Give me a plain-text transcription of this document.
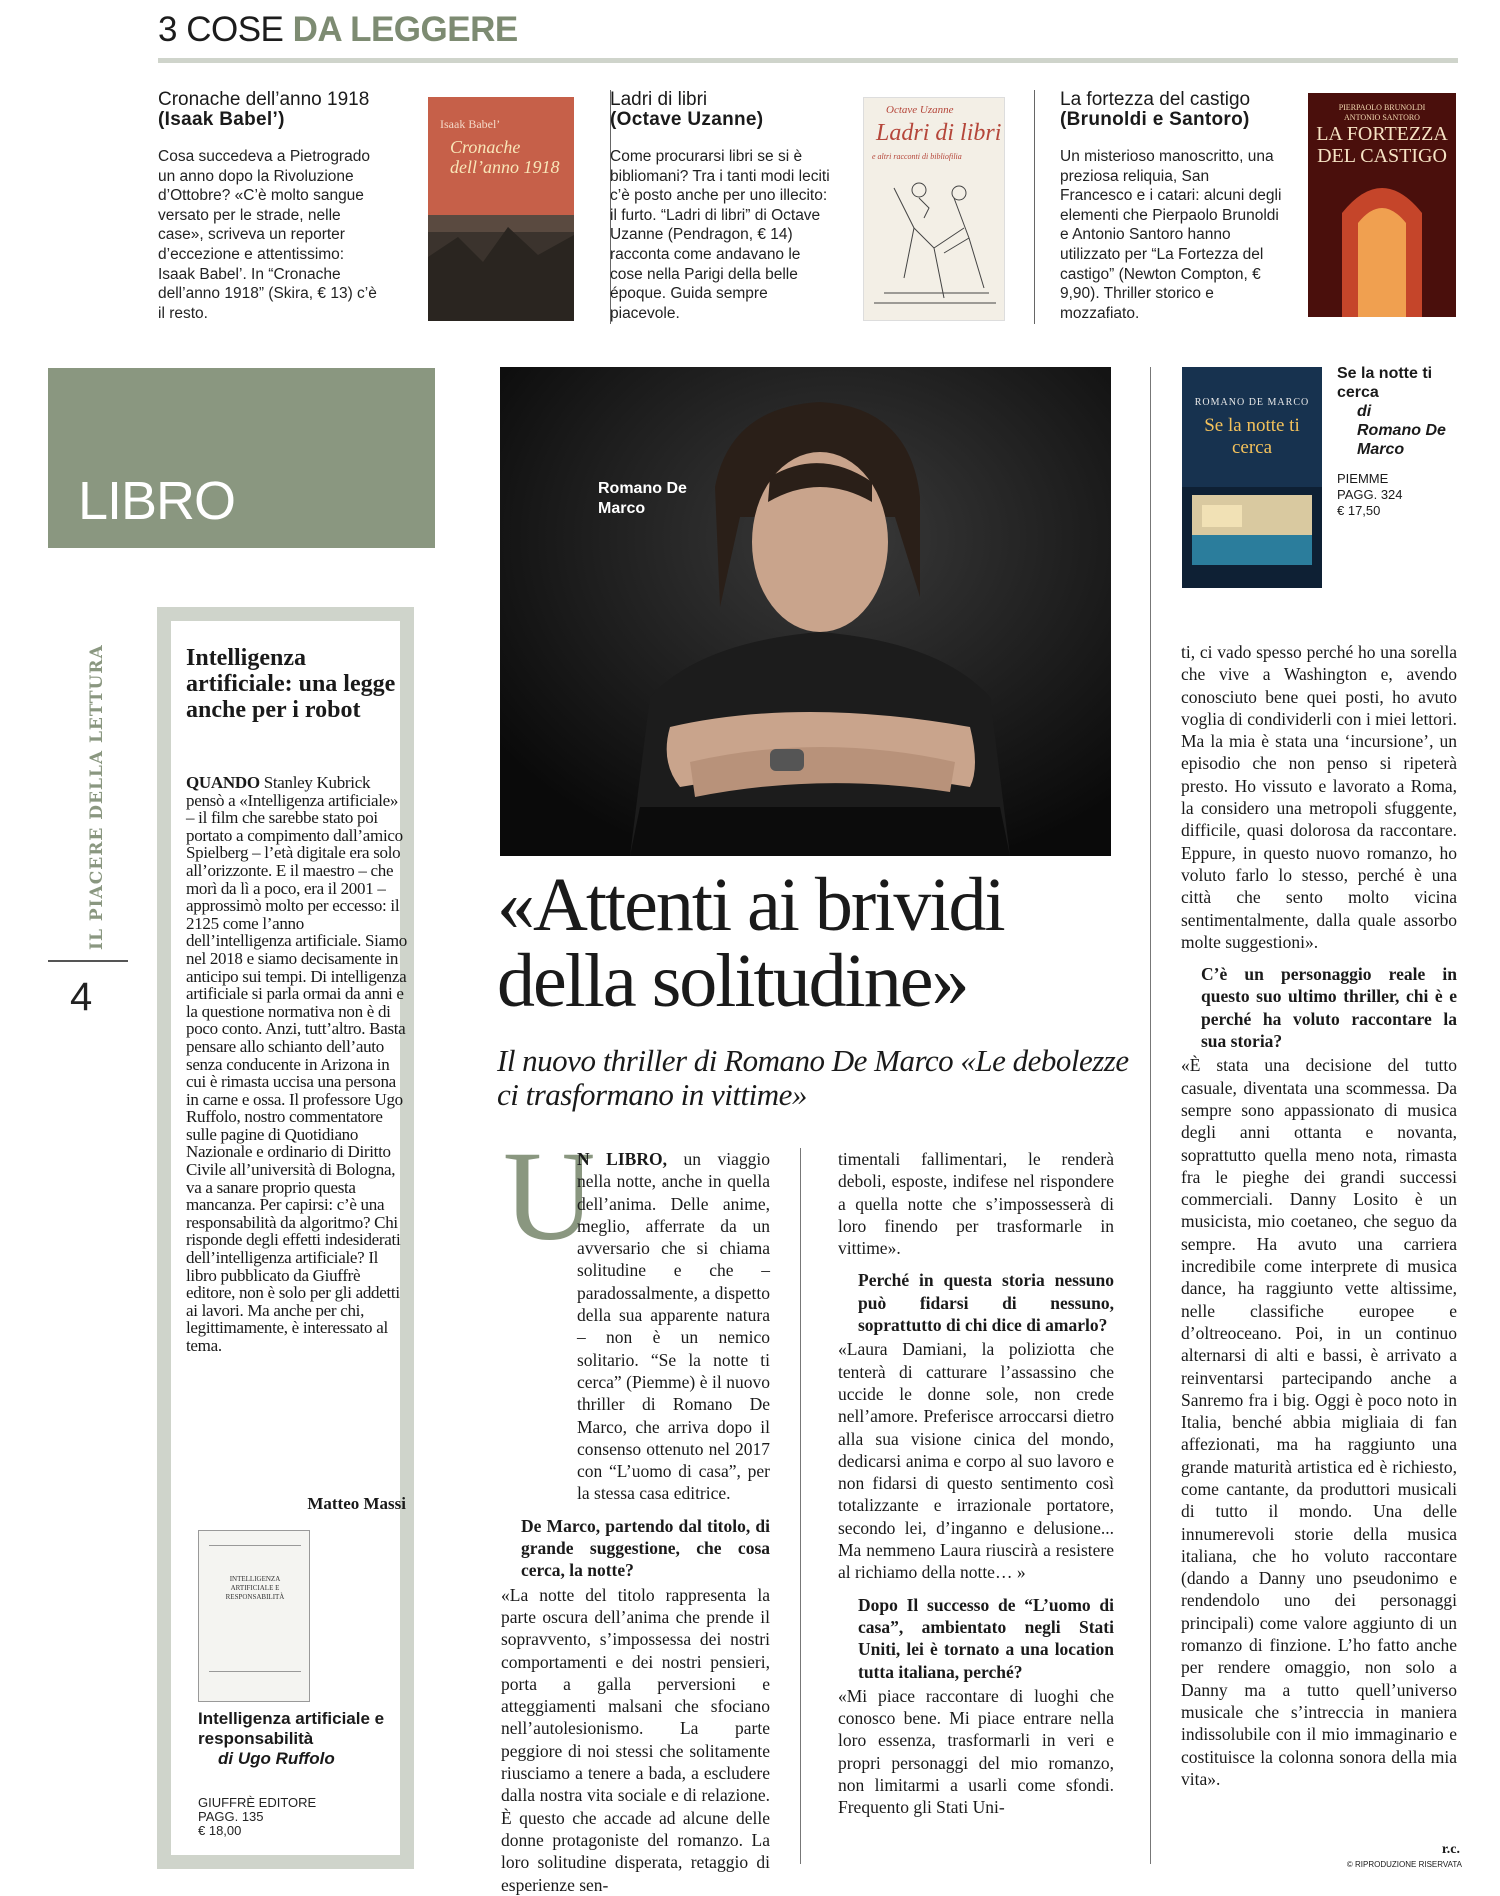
3 COSE DA LEGGERE
Cronache dell’anno 1918
(Isaak Babel’)
Cosa succedeva a Pietrogrado un anno dopo la Rivoluzione d’Ottobre? «C’è molto sangue versato per le strade, nelle case», scriveva un reporter d’eccezione e attentissimo: Isaak Babel’. In “Cronache dell’anno 1918” (Skira, € 13) c’è il resto.
Isaak Babel’
Cronache dell’anno 1918
Ladri di libri
(Octave Uzanne)
Come procurarsi libri se si è bibliomani? Tra i tanti modi leciti c’è posto anche per uno illecito: il furto. “Ladri di libri” di Octave Uzanne (Pendragon, € 14) racconta come andavano le cose nella Parigi della belle époque. Guida sempre piacevole.
Octave Uzanne
Ladri di libri
e altri racconti di bibliofilia
La fortezza del castigo
(Brunoldi e Santoro)
Un misterioso manoscritto, una preziosa reliquia, San Francesco e i catari: alcuni degli elementi che Pierpaolo Brunoldi e Antonio Santoro hanno utilizzato per “La Fortezza del castigo” (Newton Compton, € 9,90). Thriller storico e mozzafiato.
PIERPAOLO BRUNOLDI
ANTONIO SANTORO
LA FORTEZZA DEL CASTIGO
LIBRO
IL PIACERE DELLA LETTURA
4
Intelligenza artificiale: una legge anche per i robot
QUANDO Stanley Kubrick pensò a «Intelligenza artificiale» – il film che sarebbe stato poi portato a compimento dall’amico Spielberg – l’età digitale era solo all’orizzonte. E il maestro – che morì da lì a poco, era il 2001 – approssimò molto per eccesso: il 2125 come l’anno dell’intelligenza artificiale. Siamo nel 2018 e siamo decisamente in anticipo sui tempi. Di intelligenza artificiale si parla ormai da anni e la questione normativa non è di poco conto. Anzi, tutt’altro. Basta pensare allo schianto dell’auto senza conducente in Arizona in cui è rimasta uccisa una persona in carne e ossa. Il professore Ugo Ruffolo, nostro commentatore sulle pagine di Quotidiano Nazionale e ordinario di Diritto Civile all’università di Bologna, va a sanare proprio questa mancanza. Per capirsi: c’è una responsabilità da algoritmo? Chi risponde degli effetti indesiderati dell’intelligenza artificiale? Il libro pubblicato da Giuffrè editore, non è solo per gli addetti ai lavori. Ma anche per chi, legittimamente, è interessato al tema.
Matteo Massi
INTELLIGENZA ARTIFICIALE E RESPONSABILITÀ
Intelligenza artificiale e responsabilità
di Ugo Ruffolo
GIUFFRÈ EDITORE
PAGG. 135
€ 18,00
Romano De Marco
«Attenti ai brividi della solitudine»
Il nuovo thriller di Romano De Marco «Le debolezze ci trasformano in vittime»
U
N LIBRO, un viaggio nella notte, anche in quella dell’anima. Delle anime, meglio, afferrate da un avversario che si chiama solitudine e che – paradossalmente, a dispetto della sua apparente natura – non è un nemico solitario. “Se la notte ti cerca” (Piemme) è il nuovo thriller di Romano De Marco, che arriva dopo il consenso ottenuto nel 2017 con “L’uomo di casa”, per la stessa casa editrice.
De Marco, partendo dal titolo, di grande suggestione, che cosa cerca, la notte?
«La notte del titolo rappresenta la parte oscura dell’anima che prende il sopravvento, s’impossessa dei nostri comportamenti e dei nostri pensieri, porta a galla perversioni e atteggiamenti malsani che sfociano nell’autolesionismo. La parte peggiore di noi stessi che solitamente riusciamo a tenere a bada, a escludere dalla nostra vita sociale e di relazione. È questo che accade ad alcune delle donne protagoniste del romanzo. La loro solitudine disperata, retaggio di esperienze sen-
timentali fallimentari, le renderà deboli, esposte, indifese nel rispondere a quella notte che s’impossesserà di loro finendo per trasformarle in vittime».
Perché in questa storia nessuno può fidarsi di nessuno, soprattutto di chi dice di amarlo?
«Laura Damiani, la poliziotta che tenterà di catturare l’assassino che uccide le donne sole, non crede nell’amore. Preferisce arroccarsi dietro alla sua visione cinica del mondo, dedicarsi anima e corpo al suo lavoro e non fidarsi di questo sentimento così totalizzante e irrazionale portatore, secondo lei, d’inganno e delusione... Ma nemmeno Laura riuscirà a resistere al richiamo della notte… »
Dopo Il successo de “L’uomo di casa”, ambientato negli Stati Uniti, lei è tornato a una location tutta italiana, perché?
«Mi piace raccontare di luoghi che conosco bene. Mi piace entrare nella loro essenza, trasformarli in veri e propri personaggi del mio romanzo, non limitarmi a usarli come sfondi. Frequento gli Stati Uni-
ti, ci vado spesso perché ho una sorella che vive a Washington e, avendo conosciuto bene quei posti, ho avuto voglia di condividerli con i miei lettori. Ma la mia è stata una ‘incursione’, un episodio che non penso si ripeterà presto. Ho vissuto e lavorato a Roma, la considero una metropoli sfuggente, difficile, quasi dolorosa da raccontare. Eppure, in questo nuovo romanzo, ho voluto farlo lo stesso, perché è una città che sento molto vicina sentimentalmente, dalla quale assorbo molte suggestioni».
C’è un personaggio reale in questo suo ultimo thriller, chi è e perché ha voluto raccontare la sua storia?
«È stata una decisione del tutto casuale, diventata una scommessa. Da sempre sono appassionato di musica degli anni ottanta e novanta, soprattutto quella meno nota, rimasta fra le pieghe dei grandi successi commerciali. Danny Losito è un musicista, mio coetaneo, che seguo da sempre. Ha avuto una carriera incredibile come interprete di musica dance, ha raggiunto vette altissime, nelle classifiche europee e d’oltreoceano. Poi, in un continuo alternarsi di alti e bassi, è arrivato a reinventarsi partecipando anche a Sanremo fra i big. Oggi è poco noto in Italia, benché abbia migliaia di fan affezionati, ma ha raggiunto una grande maturità artistica ed è richiesto, come cantante, da produttori musicali di tutto il mondo. Una delle innumerevoli storie della musica italiana, che ho voluto raccontare (dando a Danny uno pseudonimo e rendendolo uno dei personaggi principali) come valore aggiunto di un romanzo di finzione. L’ho fatto anche per rendere omaggio, non solo a Danny ma a tutto quell’universo musicale che s’intreccia in maniera indissolubile con il mio immaginario e costituisce la colonna sonora della mia vita».
ROMANO DE MARCO
Se la notte ti cerca
Se la notte ti cerca
di
Romano De Marco
PIEMME
PAGG. 324
€ 17,50
r.c.
© RIPRODUZIONE RISERVATA
